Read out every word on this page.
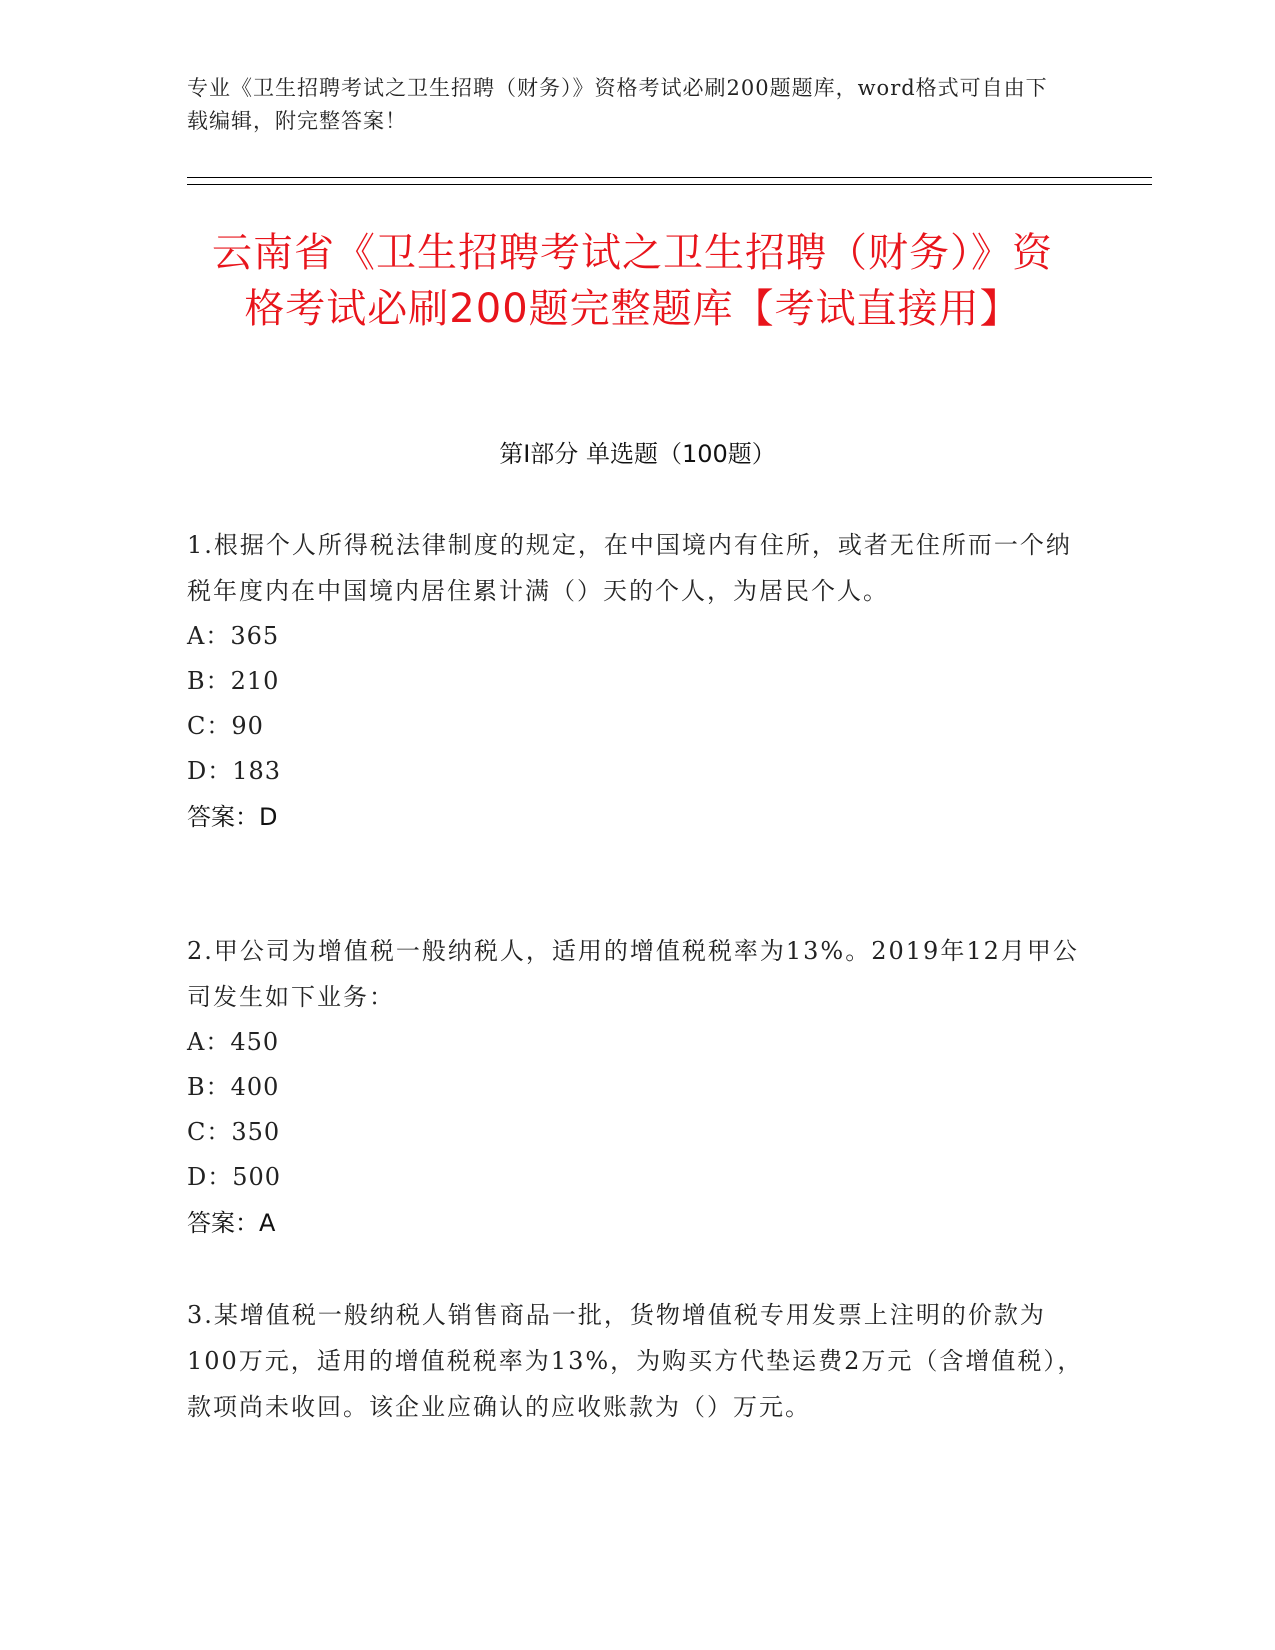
专业《卫生招聘考试之卫生招聘（财务）》资格考试必刷200题题库，word格式可自由下载编辑，附完整答案！
云南省《卫生招聘考试之卫生招聘（财务）》资格考试必刷200题完整题库【考试直接用】
第I部分 单选题（100题）
1.根据个人所得税法律制度的规定，在中国境内有住所，或者无住所而一个纳税年度内在中国境内居住累计满（）天的个人，为居民个人。
A：365
B：210
C：90
D：183
答案：D
2.甲公司为增值税一般纳税人，适用的增值税税率为13%。2019年12月甲公司发生如下业务：
A：450
B：400
C：350
D：500
答案：A
3.某增值税一般纳税人销售商品一批，货物增值税专用发票上注明的价款为100万元，适用的增值税税率为13%，为购买方代垫运费2万元（含增值税），款项尚未收回。该企业应确认的应收账款为（）万元。
